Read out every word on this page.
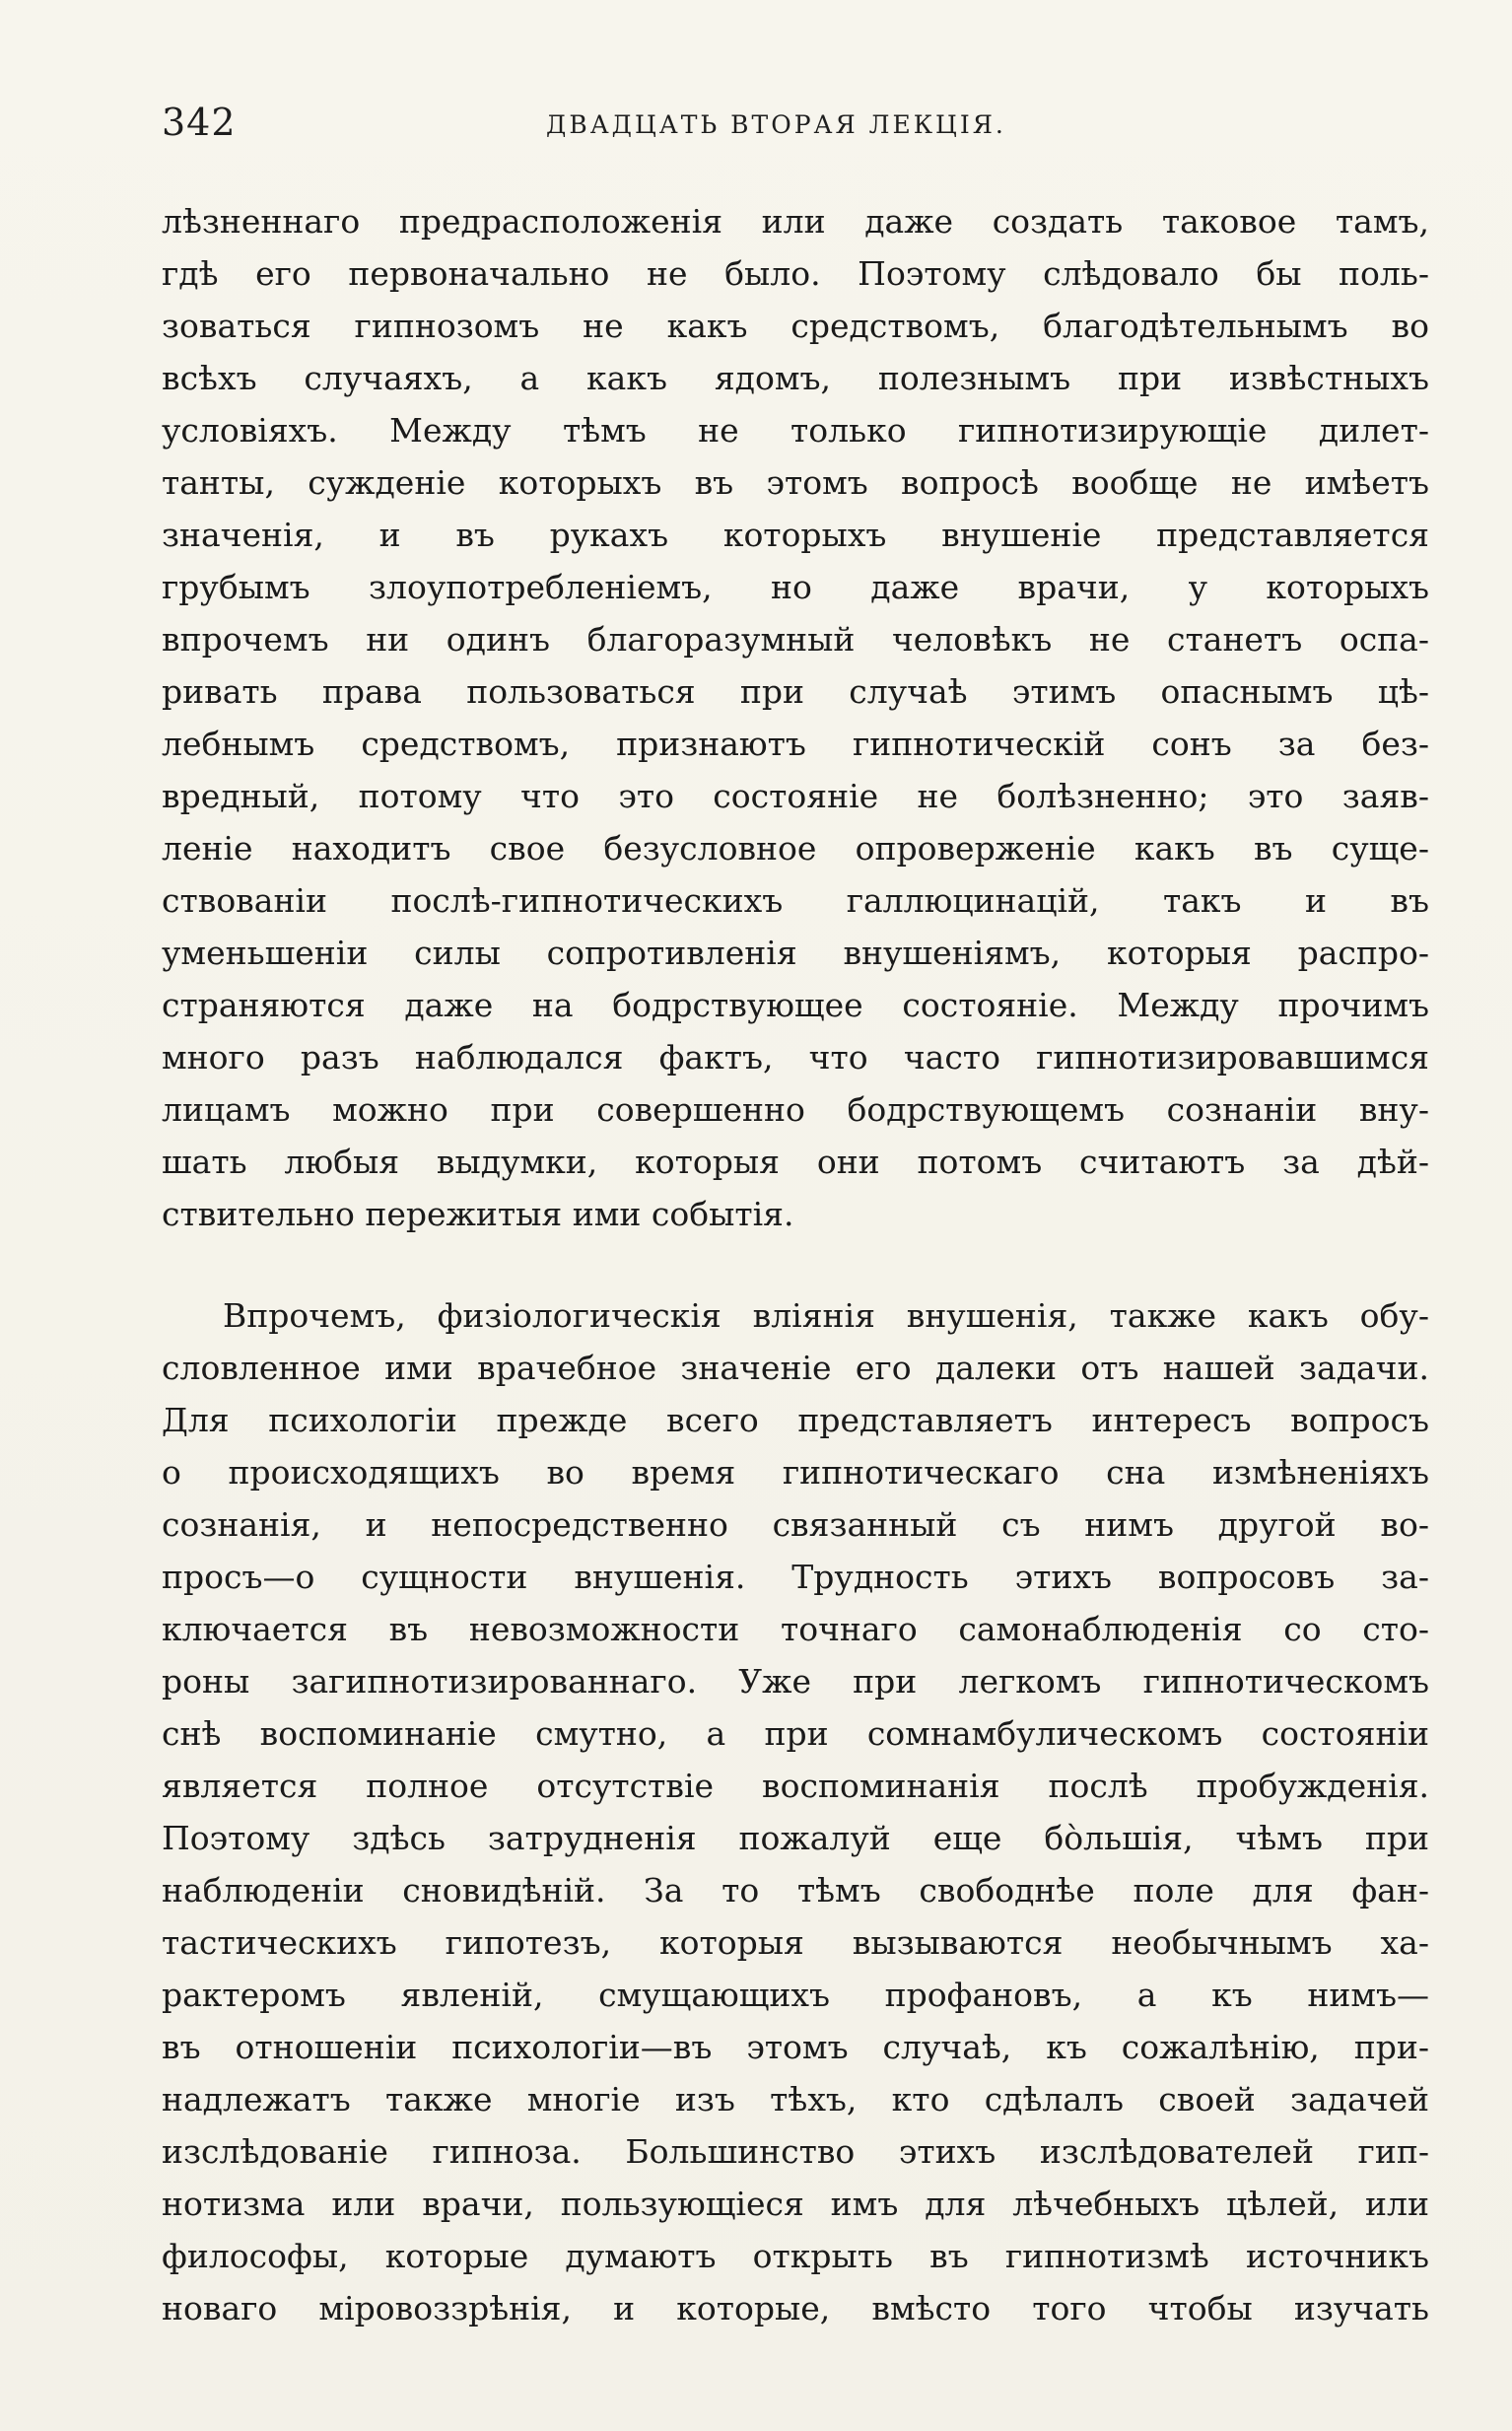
342	ДВАДЦАТЬ ВТОРАЯ ЛЕКЦІЯ.
лѣзненнаго предрасположенія или даже создать таковое тамъ,
гдѣ его первоначально не было. Поэтому слѣдовало бы поль-
зоваться гипнозомъ не какъ средствомъ, благодѣтельнымъ во
всѣхъ случаяхъ, а какъ ядомъ, полезнымъ при извѣстныхъ
условіяхъ. Между тѣмъ не только гипнотизирующіе дилет-
танты, сужденіе которыхъ въ этомъ вопросѣ вообще не имѣетъ
значенія, и въ рукахъ которыхъ внушеніе представляется
грубымъ злоупотребленіемъ, но даже врачи, у которыхъ
впрочемъ ни одинъ благоразумный человѣкъ не станетъ оспа-
ривать права пользоваться при случаѣ этимъ опаснымъ цѣ-
лебнымъ средствомъ, признаютъ гипнотическій сонъ за без-
вредный, потому что это состояніе не болѣзненно; это заяв-
леніе находитъ свое безусловное опроверженіе какъ въ суще-
ствованіи послѣ-гипнотическихъ галлюцинацій, такъ и въ
уменьшеніи силы сопротивленія внушеніямъ, которыя распро-
страняются даже на бодрствующее состояніе. Между прочимъ
много разъ наблюдался фактъ, что часто гипнотизировавшимся
лицамъ можно при совершенно бодрствующемъ сознаніи вну-
шать любыя выдумки, которыя они потомъ считаютъ за дѣй-
ствительно пережитыя ими событія.
Впрочемъ, физіологическія вліянія внушенія, также какъ обу-
словленное ими врачебное значеніе его далеки отъ нашей задачи.
Для психологіи прежде всего представляетъ интересъ вопросъ
о происходящихъ во время гипнотическаго сна измѣненіяхъ
сознанія, и непосредственно связанный съ нимъ другой во-
просъ—о сущности внушенія. Трудность этихъ вопросовъ за-
ключается въ невозможности точнаго самонаблюденія со сто-
роны загипнотизированнаго. Уже при легкомъ гипнотическомъ
снѣ воспоминаніе смутно, а при сомнамбулическомъ состояніи
является полное отсутствіе воспоминанія послѣ пробужденія.
Поэтому здѣсь затрудненія пожалуй еще бòльшія, чѣмъ при
наблюденіи сновидѣній. За то тѣмъ свободнѣе поле для фан-
тастическихъ гипотезъ, которыя вызываются необычнымъ ха-
рактеромъ явленій, смущающихъ профановъ, а къ нимъ—
въ отношеніи психологіи—въ этомъ случаѣ, къ сожалѣнію, при-
надлежатъ также многіе изъ тѣхъ, кто сдѣлалъ своей задачей
изслѣдованіе гипноза. Большинство этихъ изслѣдователей гип-
нотизма или врачи, пользующіеся имъ для лѣчебныхъ цѣлей, или
философы, которые думаютъ открыть въ гипнотизмѣ источникъ
новаго міровоззрѣнія, и которые, вмѣсто того чтобы изучать
